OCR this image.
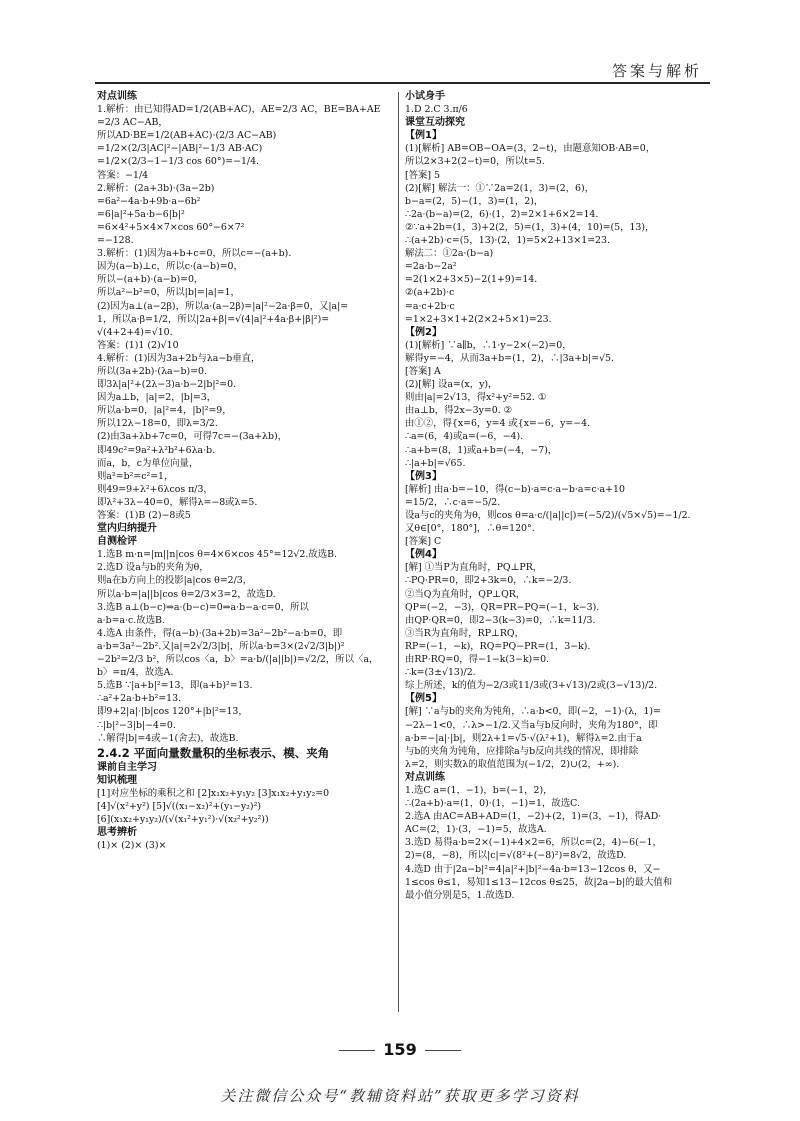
答案与解析
对点训练
1.解析：由已知得AD=1/2(AB+AC)，AE=2/3 AC，BE=BA+AE
=2/3 AC−AB，
所以AD·BE=1/2(AB+AC)·(2/3 AC−AB)
=1/2×(2/3|AC|²−|AB|²−1/3 AB·AC)
=1/2×(2/3−1−1/3 cos 60°)=−1/4.
答案：−1/4
2.解析：(2a+3b)·(3a−2b)
=6a²−4a·b+9b·a−6b²
=6|a|²+5a·b−6|b|²
=6×4²+5×4×7×cos 60°−6×7²
=−128.
3.解析：(1)因为a+b+c=0，所以c=−(a+b).
因为(a−b)⊥c，所以c·(a−b)=0，
所以−(a+b)·(a−b)=0，
所以a²−b²=0，所以|b|=|a|=1，
(2)因为a⊥(a−2β)，所以a·(a−2β)=|a|²−2a·β=0，又|a|=
1，所以a·β=1/2，所以|2a+β|=√(4|a|²+4a·β+|β|²)=
√(4+2+4)=√10.
答案：(1)1 (2)√10
4.解析：(1)因为3a+2b与λa−b垂直，
所以(3a+2b)·(λa−b)=0.
即3λ|a|²+(2λ−3)a·b−2|b|²=0.
因为a⊥b，|a|=2，|b|=3，
所以a·b=0，|a|²=4，|b|²=9，
所以12λ−18=0，即λ=3/2.
(2)由3a+λb+7c=0，可得7c=−(3a+λb)，
即49c²=9a²+λ²b²+6λa·b.
而a，b，c为单位向量，
则a²=b²=c²=1，
则49=9+λ²+6λcos π/3，
即λ²+3λ−40=0，解得λ=−8或λ=5.
答案：(1)B (2)−8或5
堂内归纳提升
自测检评
1.选B m·n=|m||n|cos θ=4×6×cos 45°=12√2.故选B.
2.选D 设a与b的夹角为θ，
则a在b方向上的投影|a|cos θ=2/3，
所以a·b=|a||b|cos θ=2/3×3=2，故选D.
3.选B a⊥(b−c)⇒a·(b−c)=0⇒a·b−a·c=0，所以
a·b=a·c.故选B.
4.选A 由条件，得(a−b)·(3a+2b)=3a²−2b²−a·b=0，即
a·b=3a²−2b².又|a|=2√2/3|b|，所以a·b=3×(2√2/3|b|)²
−2b²=2/3 b²，所以cos〈a，b〉=a·b/(|a||b|)=√2/2，所以〈a，
b〉=π/4，故选A.
5.选B ∵|a+b|²=13，即(a+b)²=13.
∴a²+2a·b+b²=13.
即9+2|a|·|b|cos 120°+|b|²=13，
∴|b|²−3|b|−4=0.
∴解得|b|=4或−1(舍去)，故选B.
2.4.2 平面向量数量积的坐标表示、模、夹角
课前自主学习
知识梳理
[1]对应坐标的乘积之和 [2]x₁x₂+y₁y₂ [3]x₁x₂+y₁y₂=0
[4]√(x²+y²) [5]√((x₁−x₂)²+(y₁−y₂)²)
[6](x₁x₂+y₁y₂)/(√(x₁²+y₁²)·√(x₂²+y₂²))
思考辨析
(1)× (2)× (3)×
小试身手
1.D 2.C 3.π/6
课堂互动探究
【例1】
(1)[解析] AB=OB−OA=(3，2−t)，由题意知OB·AB=0，
所以2×3+2(2−t)=0，所以t=5.
[答案] 5
(2)[解] 解法一：①∵2a=2(1，3)=(2，6)，
b−a=(2，5)−(1，3)=(1，2)，
∴2a·(b−a)=(2，6)·(1，2)=2×1+6×2=14.
②∵a+2b=(1，3)+2(2，5)=(1，3)+(4，10)=(5，13)，
∴(a+2b)·c=(5，13)·(2，1)=5×2+13×1=23.
解法二：①2a·(b−a)
=2a·b−2a²
=2(1×2+3×5)−2(1+9)=14.
②(a+2b)·c
=a·c+2b·c
=1×2+3×1+2(2×2+5×1)=23.
【例2】
(1)[解析] ∵a∥b，∴1·y−2×(−2)=0，
解得y=−4，从而3a+b=(1，2)，∴|3a+b|=√5.
[答案] A
(2)[解] 设a=(x，y)，
则由|a|=2√13，得x²+y²=52. ①
由a⊥b，得2x−3y=0. ②
由①②，得{x=6，y=4 或{x=−6，y=−4.
∴a=(6，4)或a=(−6，−4).
∴a+b=(8，1)或a+b=(−4，−7)，
∴|a+b|=√65.
【例3】
[解析] 由a·b=−10，得(c−b)·a=c·a−b·a=c·a+10
=15/2，∴c·a=−5/2.
设a与c的夹角为θ，则cos θ=a·c/(|a||c|)=(−5/2)/(√5×√5)=−1/2.
又θ∈[0°，180°]，∴θ=120°.
[答案] C
【例4】
[解] ①当P为直角时，PQ⊥PR，
∴PQ·PR=0，即2+3k=0，∴k=−2/3.
②当Q为直角时，QP⊥QR，
QP=(−2，−3)，QR=PR−PQ=(−1，k−3).
由QP·QR=0，即2−3(k−3)=0，∴k=11/3.
③当R为直角时，RP⊥RQ，
RP=(−1，−k)，RQ=PQ−PR=(1，3−k).
由RP·RQ=0，得−1−k(3−k)=0.
∴k=(3±√13)/2.
综上所述，k的值为−2/3或11/3或(3+√13)/2或(3−√13)/2.
【例5】
[解] ∵a与b的夹角为钝角，∴a·b<0，即(−2，−1)·(λ，1)=
−2λ−1<0，∴λ>−1/2.又当a与b反向时，夹角为180°，即
a·b=−|a|·|b|，则2λ+1=√5·√(λ²+1)，解得λ=2.由于a
与b的夹角为钝角，应排除a与b反向共线的情况，即排除
λ=2，则实数λ的取值范围为(−1/2，2)∪(2，+∞).
对点训练
1.选C a=(1，−1)，b=(−1，2)，
∴(2a+b)·a=(1，0)·(1，−1)=1，故选C.
2.选A 由AC=AB+AD=(1，−2)+(2，1)=(3，−1)，得AD·
AC=(2，1)·(3，−1)=5，故选A.
3.选D 易得a·b=2×(−1)+4×2=6，所以c=(2，4)−6(−1，
2)=(8，−8)，所以|c|=√(8²+(−8)²)=8√2，故选D.
4.选D 由于|2a−b|²=4|a|²+|b|²−4a·b=13−12cos θ，又−
1≤cos θ≤1，易知1≤13−12cos θ≤25，故|2a−b|的最大值和
最小值分别是5，1.故选D.
159
关注微信公众号“教辅资料站”获取更多学习资料
